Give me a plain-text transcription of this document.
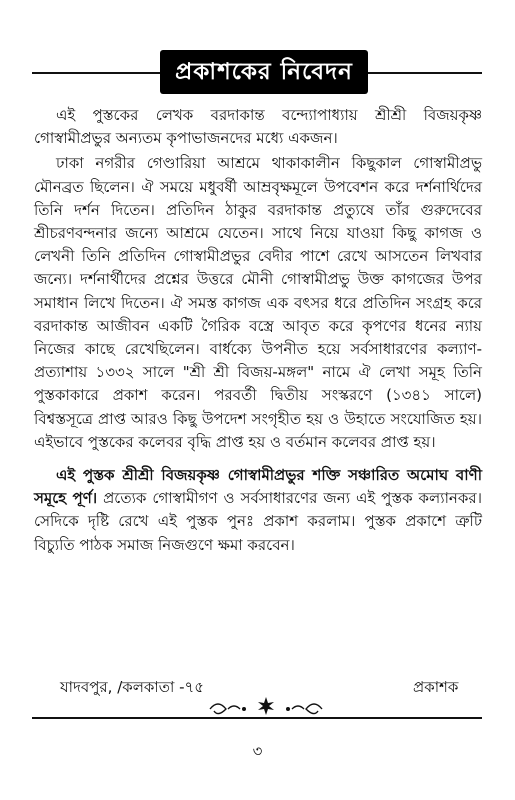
প্রকাশকের নিবেদন

এই পুস্তকের লেখক বরদাকান্ত বন্দ্যোপাধ্যায় শ্রীশ্রী বিজয়কৃষ্ণ গোস্বামীপ্রভুর অন্যতম কৃপাভাজনদের মধ্যে একজন।

ঢাকা নগরীর গেণ্ডারিয়া আশ্রমে থাকাকালীন কিছুকাল গোস্বামীপ্রভু মৌনব্রত ছিলেন। ঐ সময়ে মধুবর্ষী আম্রবৃক্ষমূলে উপবেশন করে দর্শনার্থিদের তিনি দর্শন দিতেন। প্রতিদিন ঠাকুর বরদাকান্ত প্রত্যুষে তাঁর গুরুদেবের শ্রীচরণবন্দনার জন্যে আশ্রমে যেতেন। সাথে নিয়ে যাওয়া কিছু কাগজ ও লেখনী তিনি প্রতিদিন গোস্বামীপ্রভুর বেদীর পাশে রেখে আসতেন লিখবার জন্যে। দর্শনার্থীদের প্রশ্নের উত্তরে মৌনী গোস্বামীপ্রভু উক্ত কাগজের উপর সমাধান লিখে দিতেন। ঐ সমস্ত কাগজ এক বৎসর ধরে প্রতিদিন সংগ্রহ করে বরদাকান্ত আজীবন একটি গৈরিক বস্ত্রে আবৃত করে কৃপণের ধনের ন্যায় নিজের কাছে রেখেছিলেন। বার্ধক্যে উপনীত হয়ে সর্বসাধারণের কল্যাণ-প্রত্যাশায় ১৩৩২ সালে "শ্রী শ্রী বিজয়-মঙ্গল" নামে ঐ লেখা সমূহ তিনি পুস্তকাকারে প্রকাশ করেন। পরবর্তী দ্বিতীয় সংস্করণে (১৩৪১ সালে) বিশ্বস্তসূত্রে প্রাপ্ত আরও কিছু উপদেশ সংগৃহীত হয় ও উহাতে সংযোজিত হয়। এইভাবে পুস্তকের কলেবর বৃদ্ধি প্রাপ্ত হয় ও বর্তমান কলেবর প্রাপ্ত হয়।

এই পুস্তক শ্রীশ্রী বিজয়কৃষ্ণ গোস্বামীপ্রভুর শক্তি সঞ্চারিত অমোঘ বাণী সমূহে পূর্ণ। প্রত্যেক গোস্বামীগণ ও সর্বসাধারণের জন্য এই পুস্তক কল্যানকর। সেদিকে দৃষ্টি রেখে এই পুস্তক পুনঃ প্রকাশ করলাম। পুস্তক প্রকাশে ত্রুটি বিচ্যুতি পাঠক সমাজ নিজগুণে ক্ষমা করবেন।

যাদবপুর, /কলকাতা -৭৫	প্রকাশক
৩
